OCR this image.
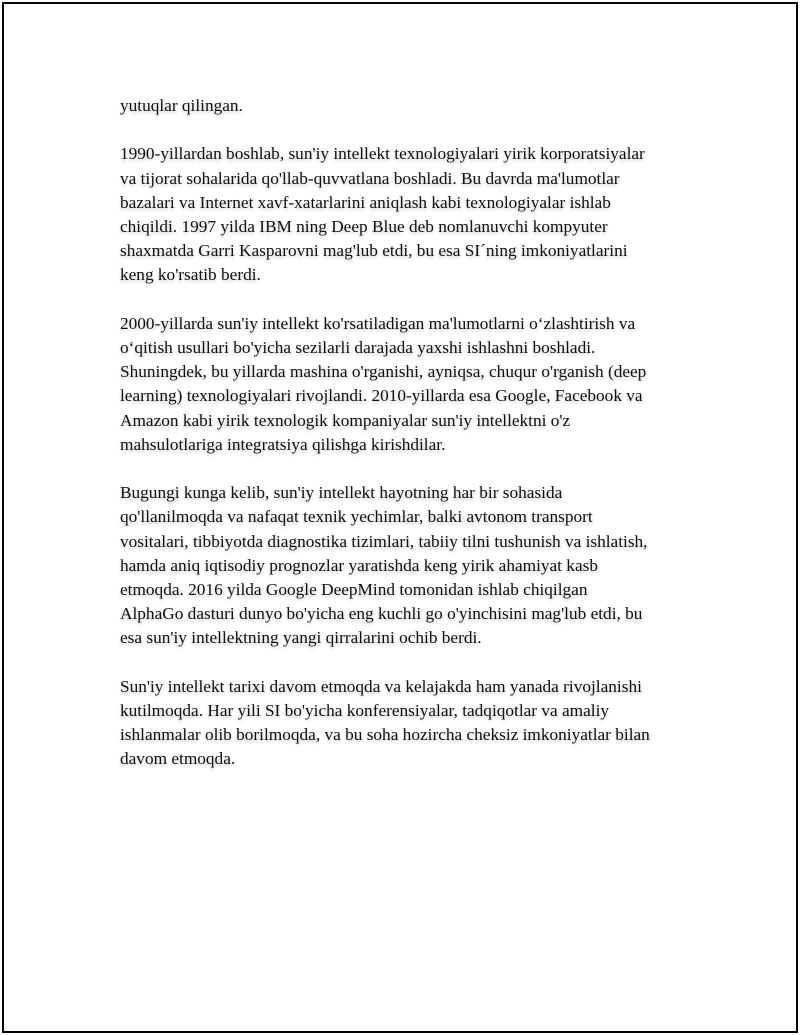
yutuqlar qilingan.

1990-yillardan boshlab, sun'iy intellekt texnologiyalari yirik korporatsiyalar
va tijorat sohalarida qo'llab-quvvatlana boshladi. Bu davrda ma'lumotlar
bazalari va Internet xavf-xatarlarini aniqlash kabi texnologiyalar ishlab
chiqildi. 1997 yilda IBM ning Deep Blue deb nomlanuvchi kompyuter
shaxmatda Garri Kasparovni mag'lub etdi, bu esa SI´ning imkoniyatlarini
keng ko'rsatib berdi.

2000-yillarda sun'iy intellekt ko'rsatiladigan ma'lumotlarni o‘zlashtirish va
o‘qitish usullari bo'yicha sezilarli darajada yaxshi ishlashni boshladi.
Shuningdek, bu yillarda mashina o'rganishi, ayniqsa, chuqur o'rganish (deep
learning) texnologiyalari rivojlandi. 2010-yillarda esa Google, Facebook va
Amazon kabi yirik texnologik kompaniyalar sun'iy intellektni o'z
mahsulotlariga integratsiya qilishga kirishdilar.

Bugungi kunga kelib, sun'iy intellekt hayotning har bir sohasida
qo'llanilmoqda va nafaqat texnik yechimlar, balki avtonom transport
vositalari, tibbiyotda diagnostika tizimlari, tabiiy tilni tushunish va ishlatish,
hamda aniq iqtisodiy prognozlar yaratishda keng yirik ahamiyat kasb
etmoqda. 2016 yilda Google DeepMind tomonidan ishlab chiqilgan
AlphaGo dasturi dunyo bo'yicha eng kuchli go o'yinchisini mag'lub etdi, bu
esa sun'iy intellektning yangi qirralarini ochib berdi.

Sun'iy intellekt tarixi davom etmoqda va kelajakda ham yanada rivojlanishi
kutilmoqda. Har yili SI bo'yicha konferensiyalar, tadqiqotlar va amaliy
ishlanmalar olib borilmoqda, va bu soha hozircha cheksiz imkoniyatlar bilan
davom etmoqda.
